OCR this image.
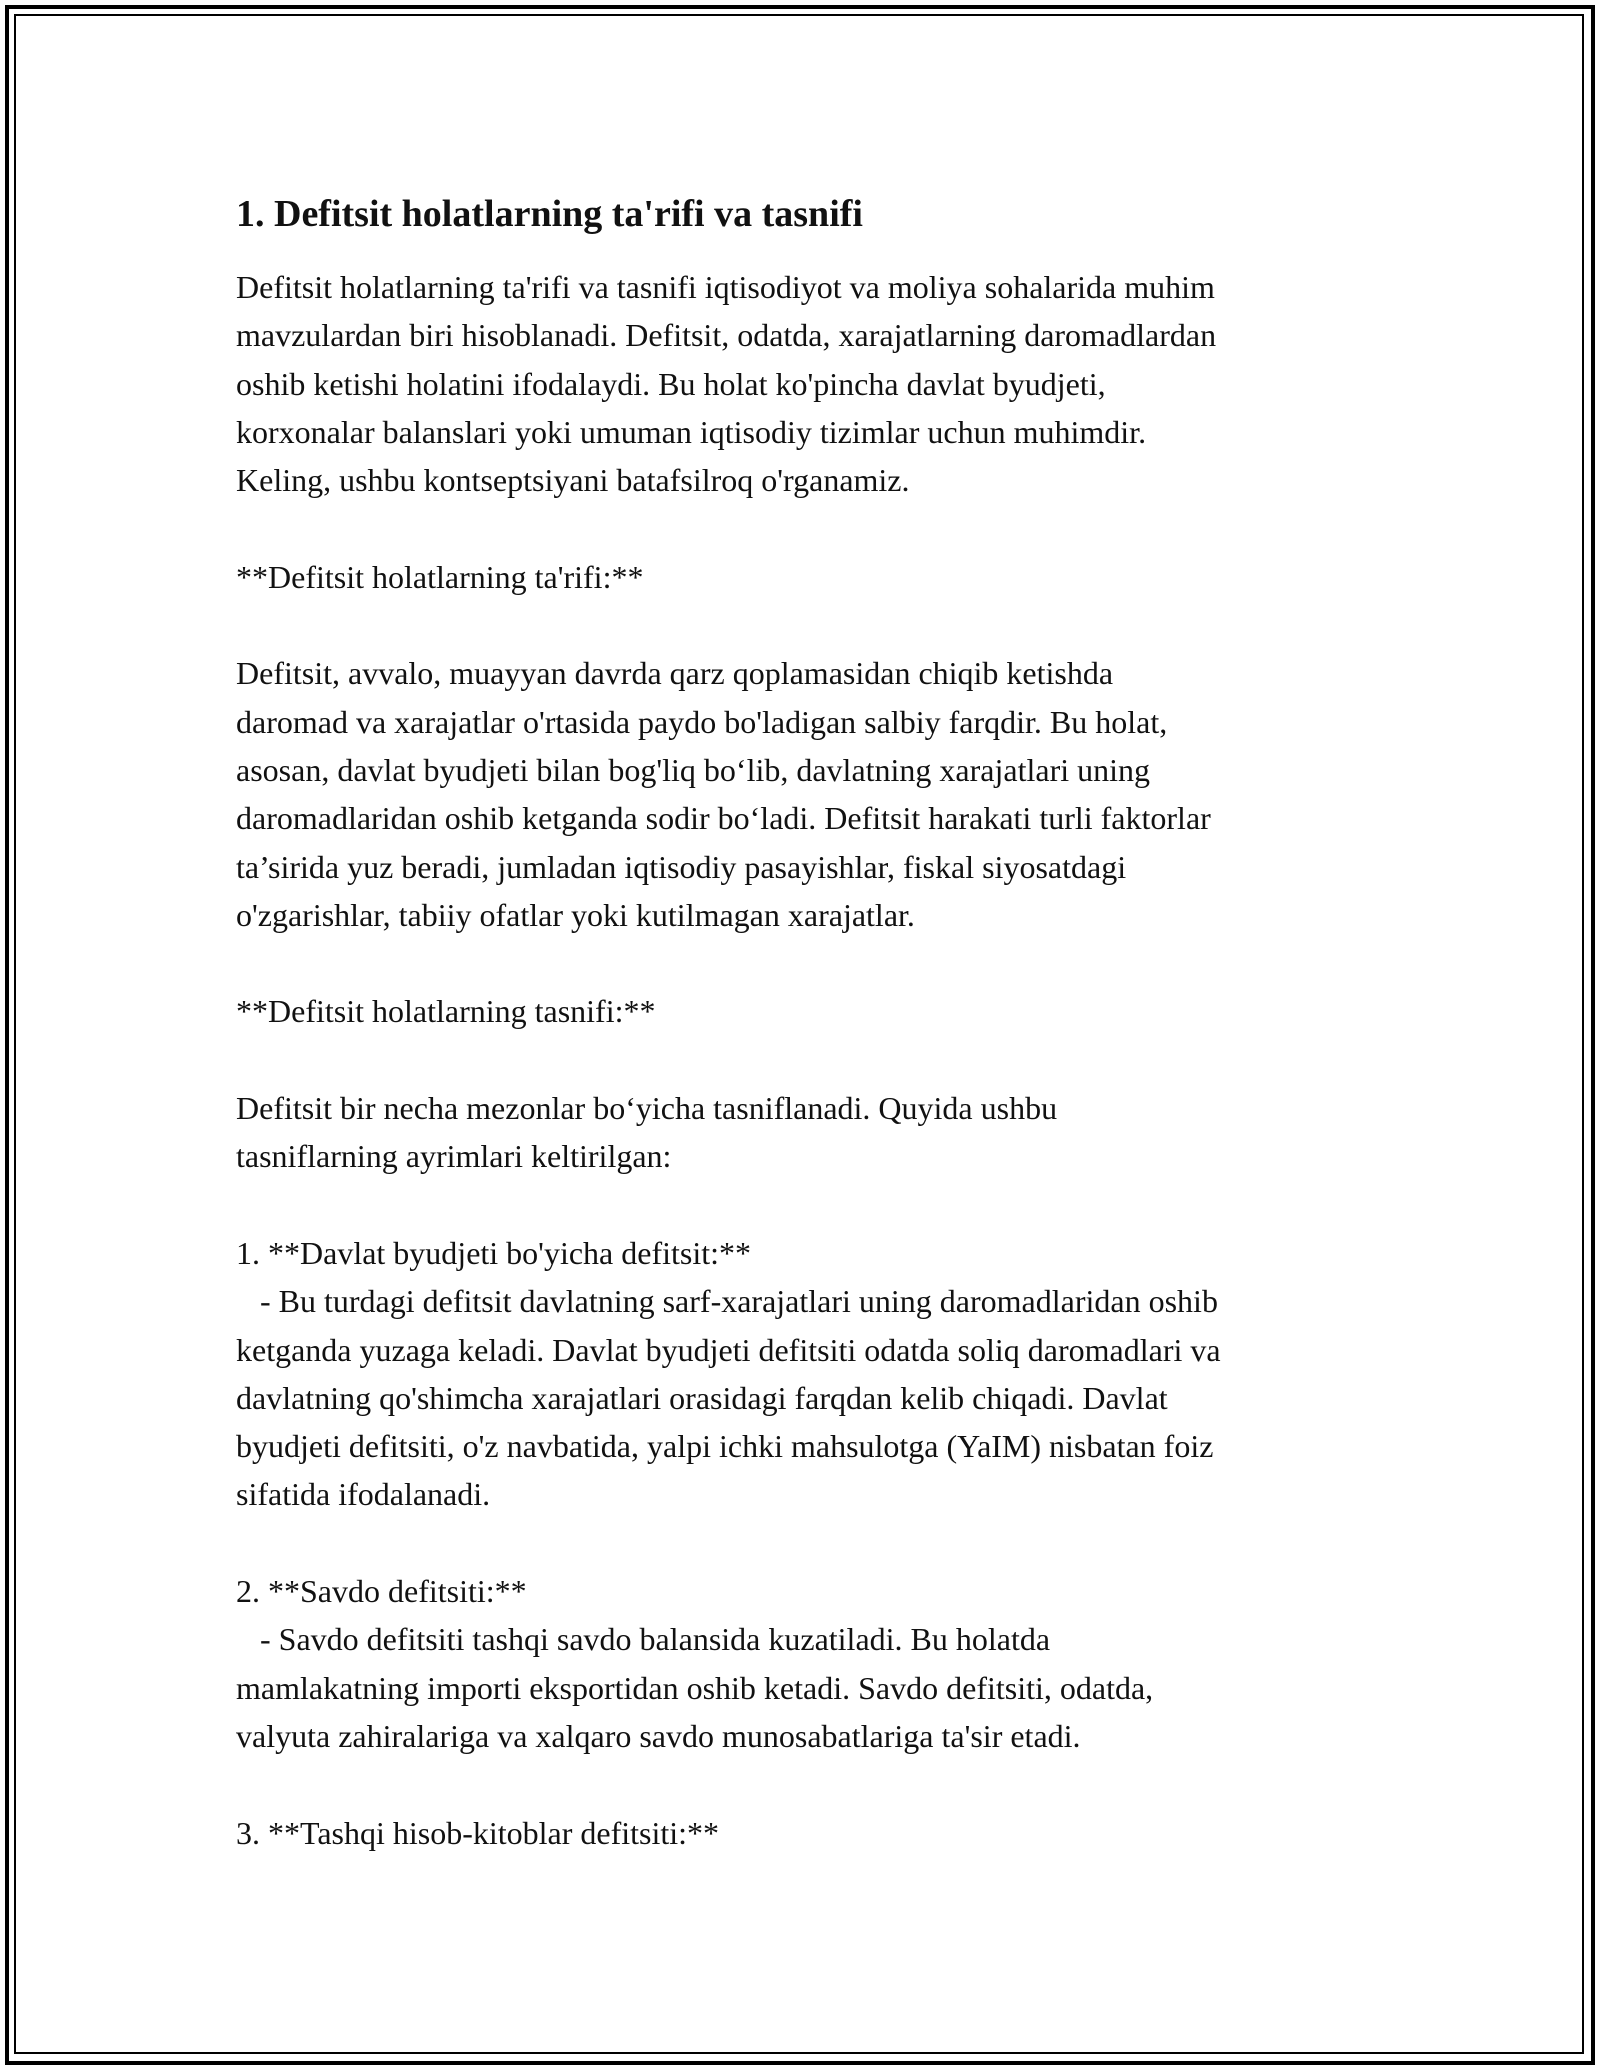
1. Defitsit holatlarning ta'rifi va tasnifi
Defitsit holatlarning ta'rifi va tasnifi iqtisodiyot va moliya sohalarida muhim
mavzulardan biri hisoblanadi. Defitsit, odatda, xarajatlarning daromadlardan
oshib ketishi holatini ifodalaydi. Bu holat ko'pincha davlat byudjeti,
korxonalar balanslari yoki umuman iqtisodiy tizimlar uchun muhimdir.
Keling, ushbu kontseptsiyani batafsilroq o'rganamiz.
**Defitsit holatlarning ta'rifi:**
Defitsit, avvalo, muayyan davrda qarz qoplamasidan chiqib ketishda
daromad va xarajatlar o'rtasida paydo bo'ladigan salbiy farqdir. Bu holat,
asosan, davlat byudjeti bilan bog'liq bo‘lib, davlatning xarajatlari uning
daromadlaridan oshib ketganda sodir bo‘ladi. Defitsit harakati turli faktorlar
ta’sirida yuz beradi, jumladan iqtisodiy pasayishlar, fiskal siyosatdagi
o'zgarishlar, tabiiy ofatlar yoki kutilmagan xarajatlar.
**Defitsit holatlarning tasnifi:**
Defitsit bir necha mezonlar bo‘yicha tasniflanadi. Quyida ushbu
tasniflarning ayrimlari keltirilgan:
1. **Davlat byudjeti bo'yicha defitsit:**
- Bu turdagi defitsit davlatning sarf-xarajatlari uning daromadlaridan oshib
ketganda yuzaga keladi. Davlat byudjeti defitsiti odatda soliq daromadlari va
davlatning qo'shimcha xarajatlari orasidagi farqdan kelib chiqadi. Davlat
byudjeti defitsiti, o'z navbatida, yalpi ichki mahsulotga (YaIM) nisbatan foiz
sifatida ifodalanadi.
2. **Savdo defitsiti:**
- Savdo defitsiti tashqi savdo balansida kuzatiladi. Bu holatda
mamlakatning importi eksportidan oshib ketadi. Savdo defitsiti, odatda,
valyuta zahiralariga va xalqaro savdo munosabatlariga ta'sir etadi.
3. **Tashqi hisob-kitoblar defitsiti:**
